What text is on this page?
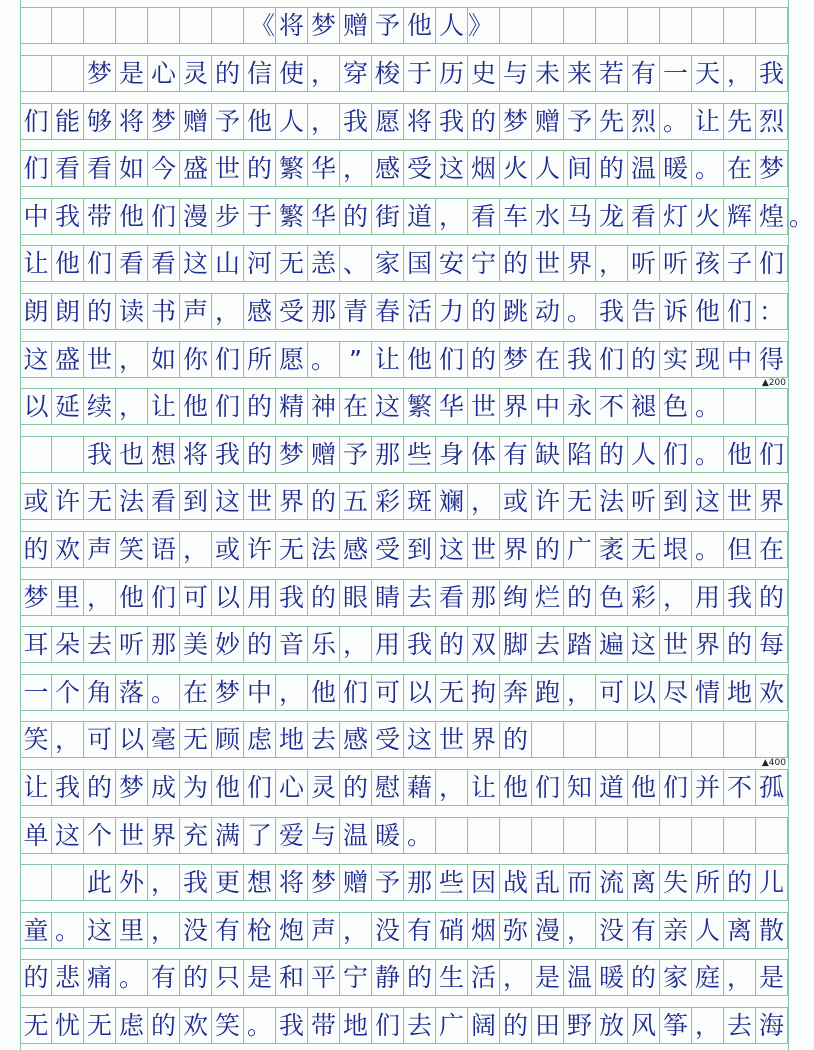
《 将 梦 赠 予 他 人 》
梦 是 心 灵 的 信 使 ， 穿 梭 于 历 史 与 未 来 若 有 一 天 ， 我
们 能 够 将 梦 赠 予 他 人 ， 我 愿 将 我 的 梦 赠 予 先 烈 。 让 先 烈
们 看 看 如 今 盛 世 的 繁 华 ， 感 受 这 烟 火 人 间 的 温 暖 。 在 梦
中 我 带 他 们 漫 步 于 繁 华 的 街 道 ， 看 车 水 马 龙 看 灯 火 辉 煌 。
让 他 们 看 看 这 山 河 无 恙 、 家 国 安 宁 的 世 界 ， 听 听 孩 子 们
朗 朗 的 读 书 声 ， 感 受 那 青 春 活 力 的 跳 动 。 我 告 诉 他 们 ：
这 盛 世 ， 如 你 们 所 愿 。 ” 让 他 们 的 梦 在 我 们 的 实 现 中 得
以 延 续 ， 让 他 们 的 精 神 在 这 繁 华 世 界 中 永 不 褪 色 。
我 也 想 将 我 的 梦 赠 予 那 些 身 体 有 缺 陷 的 人 们 。 他 们
或 许 无 法 看 到 这 世 界 的 五 彩 斑 斓 ， 或 许 无 法 听 到 这 世 界
的 欢 声 笑 语 ， 或 许 无 法 感 受 到 这 世 界 的 广 袤 无 垠 。 但 在
梦 里 ， 他 们 可 以 用 我 的 眼 睛 去 看 那 绚 烂 的 色 彩 ， 用 我 的
耳 朵 去 听 那 美 妙 的 音 乐 ， 用 我 的 双 脚 去 踏 遍 这 世 界 的 每
一 个 角 落 。 在 梦 中 ， 他 们 可 以 无 拘 奔 跑 ， 可 以 尽 情 地 欢
笑 ， 可 以 毫 无 顾 虑 地 去 感 受 这 世 界 的
让 我 的 梦 成 为 他 们 心 灵 的 慰 藉 ， 让 他 们 知 道 他 们 并 不 孤
单 这 个 世 界 充 满 了 爱 与 温 暖 。
此 外 ， 我 更 想 将 梦 赠 予 那 些 因 战 乱 而 流 离 失 所 的 儿
童 。 这 里 ， 没 有 枪 炮 声 ， 没 有 硝 烟 弥 漫 ， 没 有 亲 人 离 散
的 悲 痛 。 有 的 只 是 和 平 宁 静 的 生 活 ， 是 温 暖 的 家 庭 ， 是
无 忧 无 虑 的 欢 笑 。 我 带 地 们 去 广 阔 的 田 野 放 风 筝 ， 去 海
▲200
▲400
